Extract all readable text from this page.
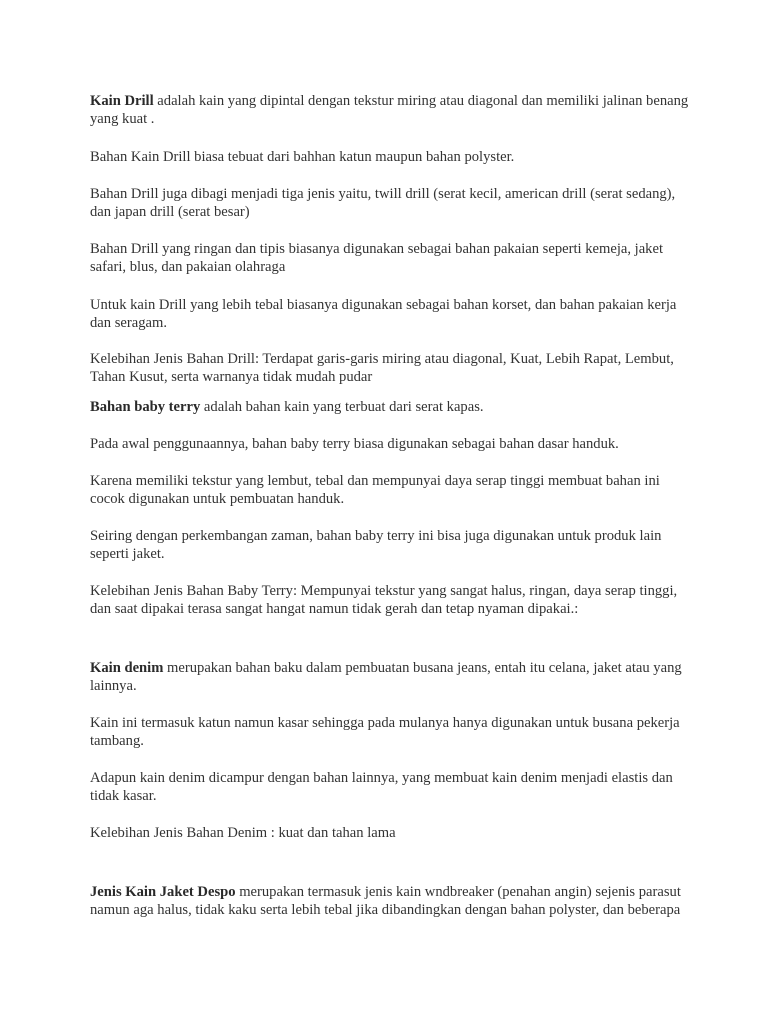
Kain Drill adalah kain yang dipintal dengan tekstur miring atau diagonal dan memiliki jalinan benang yang kuat .

Bahan Kain Drill biasa tebuat dari bahhan katun maupun bahan polyster.

Bahan Drill juga dibagi menjadi tiga jenis yaitu, twill drill (serat kecil, american drill (serat sedang), dan japan drill (serat besar)

Bahan Drill yang ringan dan tipis biasanya digunakan sebagai bahan pakaian seperti kemeja, jaket safari, blus, dan pakaian olahraga

Untuk kain Drill yang lebih tebal biasanya digunakan sebagai bahan korset, dan bahan pakaian kerja dan seragam.

Kelebihan Jenis Bahan Drill: Terdapat garis-garis miring atau diagonal, Kuat, Lebih Rapat, Lembut, Tahan Kusut, serta warnanya tidak mudah pudar

Bahan baby terry adalah bahan kain yang terbuat dari serat kapas.

Pada awal penggunaannya, bahan baby terry biasa digunakan sebagai bahan dasar handuk.

Karena memiliki tekstur yang lembut, tebal dan mempunyai daya serap tinggi membuat bahan ini cocok digunakan untuk pembuatan handuk.

Seiring dengan perkembangan zaman, bahan baby terry ini bisa juga digunakan untuk produk lain seperti jaket.

Kelebihan Jenis Bahan Baby Terry: Mempunyai tekstur yang sangat halus, ringan, daya serap tinggi, dan saat dipakai terasa sangat hangat namun tidak gerah dan tetap nyaman dipakai.:

Kain denim merupakan bahan baku dalam pembuatan busana jeans, entah itu celana, jaket atau yang lainnya.

Kain ini termasuk katun namun kasar sehingga pada mulanya hanya digunakan untuk busana pekerja tambang.

Adapun kain denim dicampur dengan bahan lainnya, yang membuat kain denim menjadi elastis dan tidak kasar.

Kelebihan Jenis Bahan Denim : kuat dan tahan lama

Jenis Kain Jaket Despo merupakan termasuk jenis kain wndbreaker (penahan angin) sejenis parasut namun aga halus, tidak kaku serta lebih tebal jika dibandingkan dengan bahan polyster, dan beberapa
